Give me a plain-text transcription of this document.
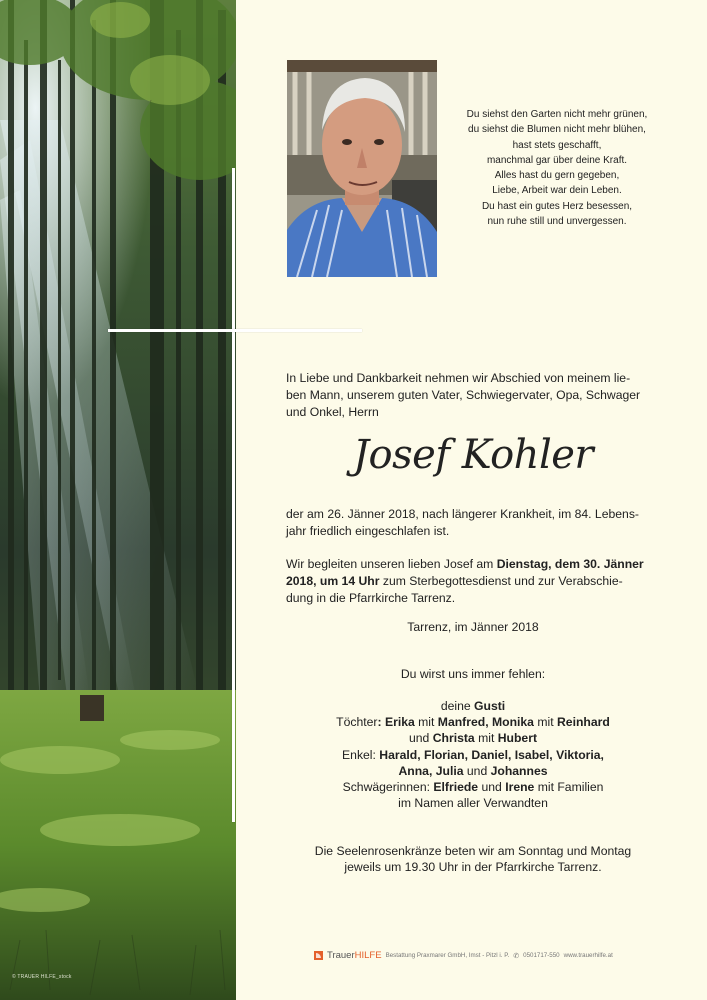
© TRAUER HILFE_stock
Du siehst den Garten nicht mehr grünen,
du siehst die Blumen nicht mehr blühen,
hast stets geschafft,
manchmal gar über deine Kraft.
Alles hast du gern gegeben,
Liebe, Arbeit war dein Leben.
Du hast ein gutes Herz besessen,
nun ruhe still und unvergessen.
In Liebe und Dankbarkeit nehmen wir Abschied von meinem lie-
ben Mann, unserem guten Vater, Schwiegervater, Opa, Schwager
und Onkel, Herrn
Josef Kohler
der am 26. Jänner 2018, nach längerer Krankheit, im 84. Lebens-
jahr friedlich eingeschlafen ist.
Wir begleiten unseren lieben Josef am Dienstag, dem 30. Jänner
2018, um 14 Uhr zum Sterbegottesdienst und zur Verabschie-
dung in die Pfarrkirche Tarrenz.
Tarrenz, im Jänner 2018
Du wirst uns immer fehlen:
deine Gusti
Töchter: Erika mit Manfred, Monika mit Reinhard
und Christa mit Hubert
Enkel: Harald, Florian, Daniel, Isabel, Viktoria,
Anna, Julia und Johannes
Schwägerinnen: Elfriede und Irene mit Familien
im Namen aller Verwandten
Die Seelenrosenkränze beten wir am Sonntag und Montag
jeweils um 19.30 Uhr in der Pfarrkirche Tarrenz.
TrauerHILFE Bestattung Praxmarer GmbH, Imst - Pitzl i. P. ✆ 0501717-550 www.trauerhilfe.at
